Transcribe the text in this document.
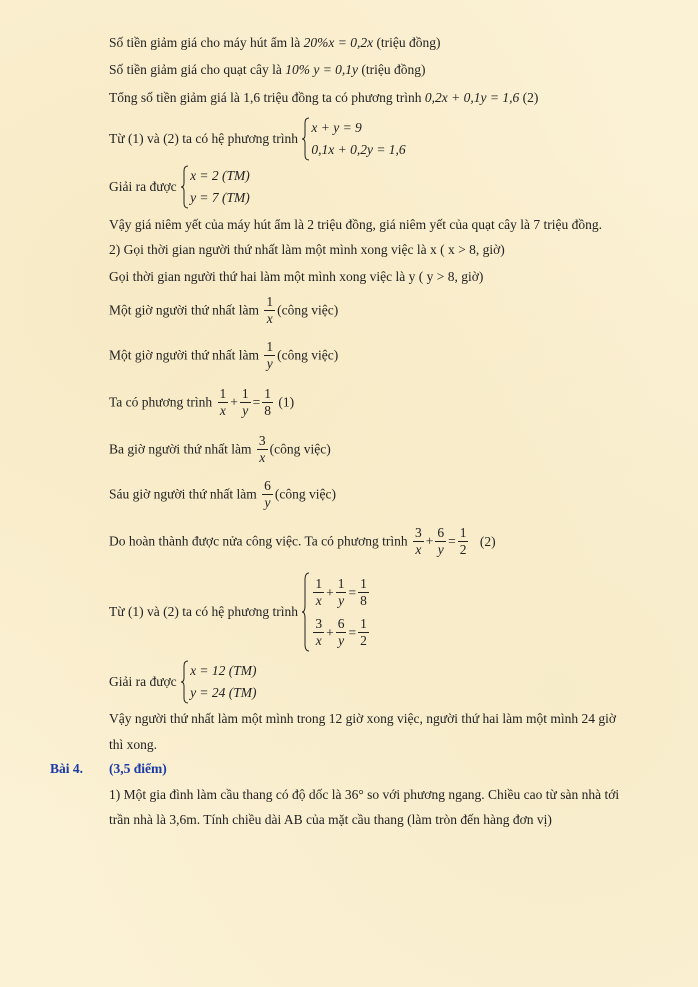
Số tiền giảm giá cho máy hút ẩm là 20%x = 0,2x (triệu đồng)
Số tiền giảm giá cho quạt cây là 10% y = 0,1y (triệu đồng)
Tổng số tiền giảm giá là 1,6 triệu đồng ta có phương trình 0,2x + 0,1y = 1,6 (2)
Từ (1) và (2) ta có hệ phương trình
x + y = 9
0,1x + 0,2y = 1,6
Giải ra được
x = 2 (TM)
y = 7 (TM)
Vậy giá niêm yết của máy hút ẩm là 2 triệu đồng, giá niêm yết của quạt cây là 7 triệu đồng.
2) Gọi thời gian người thứ nhất làm một mình xong việc là x ( x > 8, giờ)
Gọi thời gian người thứ hai làm một mình xong việc là y ( y > 8, giờ)
Một giờ người thứ nhất làm $\frac{1}{x}$ (công việc)
Một giờ người thứ nhất làm $\frac{1}{y}$ (công việc)
Ta có phương trình $\frac{1}{x} + \frac{1}{y} = \frac{1}{8} (1)$
Ba giờ người thứ nhất làm $\frac{3}{x}$ (công việc)
Sáu giờ người thứ nhất làm $\frac{6}{y}$ (công việc)
Do hoàn thành được nửa công việc. Ta có phương trình $\frac{3}{x} + \frac{6}{y} = \frac{1}{2} (2)$
Từ (1) và (2) ta có hệ phương trình
$\frac{1}{x} + \frac{1}{y} = \frac{1}{8}$
$\frac{3}{x} + \frac{6}{y} = \frac{1}{2}$
Giải ra được
x = 12 (TM)
y = 24 (TM)
Vậy người thứ nhất làm một mình trong 12 giờ xong việc, người thứ hai làm một mình 24 giờ
thì xong.
Bài 4. (3,5 điểm)
1) Một gia đình làm cầu thang có độ dốc là 36° so với phương ngang. Chiều cao từ sàn nhà tới
trần nhà là 3,6m. Tính chiều dài AB của mặt cầu thang (làm tròn đến hàng đơn vị)
